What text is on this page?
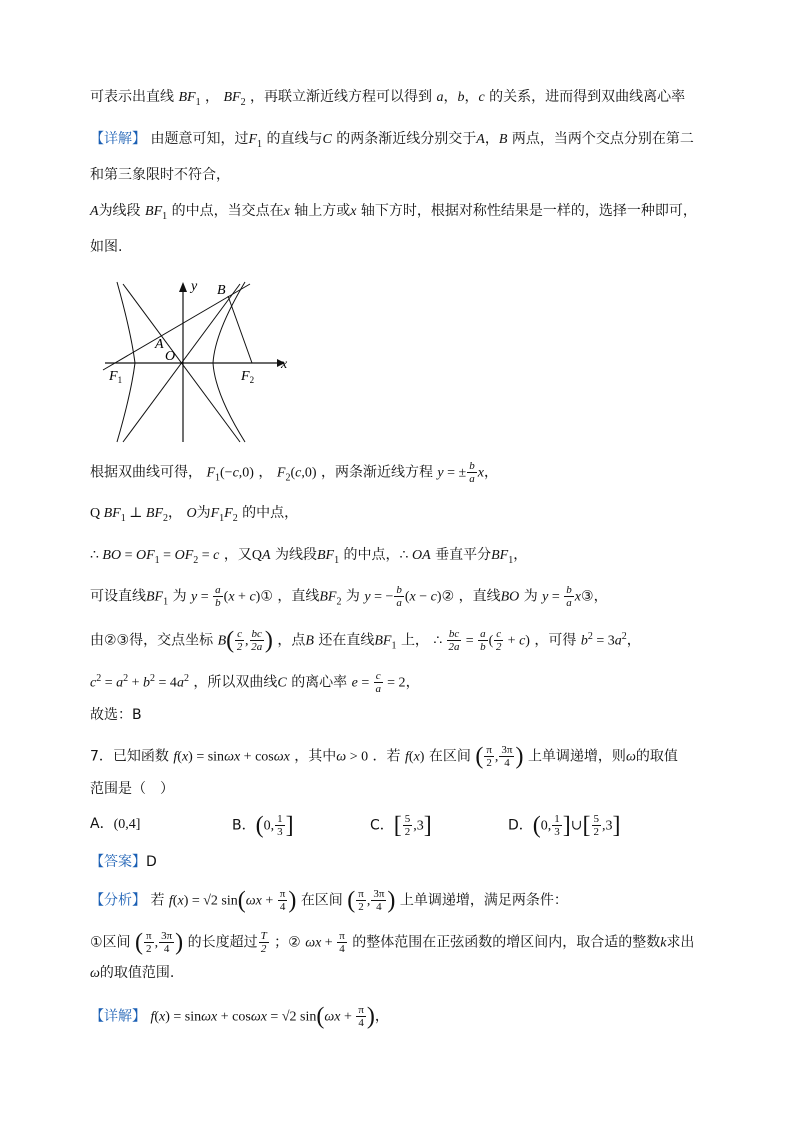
可表示出直线 $BF_1$ ， $BF_2$ ，再联立渐近线方程可以得到 a，b，c 的关系，进而得到双曲线离心率
【详解】 由题意可知，过$F_1$ 的直线与C 的两条渐近线分别交于A，B 两点，当两个交点分别在第二
和第三象限时不符合，
A为线段 $BF_1$ 的中点，当交点在x 轴上方或x 轴下方时，根据对称性结果是一样的，选择一种即可，
如图.
y
x
B
A
O
$F_1$	$F_2$
根据双曲线可得， $F_1(-c,0)$ ， $F_2(c,0)$ ，两条渐近线方程 y = ± $\frac{b}{a}$ x，
Q $BF_1$ ⊥ $BF_2$， O为$F_1F_2$ 的中点，
∴ BO = $OF_1 = OF_2 = c$ ，又QA 为线段$BF_1$ 的中点，∴ OA 垂直平分$BF_1$，
可设直线$BF_1$ 为 $y = \frac{a}{b} (x$ + c)① ，直线$BF_2$ 为 y = − $\frac{b}{a} (x$ − c)② ，直线BO 为 $y = \frac{b}{a}$ x③，
由②③得，交点坐标 $B( \frac{c}{2}$ , $\frac{bc}{2a}$ ) ，点B 还在直线$BF_1$ 上， ∴ $\frac{bc}{2a} = \frac{a}{b}$ ( $\frac{c}{2} + c$) ，可得 $b^2 = 3a^2$，
$c^2 = a^2 + b^2 = 4a^2$ ，所以双曲线C 的离心率 $e = \frac{c}{a} = 2$，
故选：B
7．已知函数 f(x) = sinωx + cosωx ，其中ω > 0 ．若 f(x) 在区间 ( $\frac{\pi}{2}$ , $\frac{3\pi}{4}$ ) 上单调递增，则ω的取值
范围是（　）
A．(0,4]	B．(0, $\frac{1}{3}$ ]	C．[ $\frac{5}{2} ,3$]	D．(0, $\frac{1}{3}$ ]∪[ $\frac{5}{2} ,3$]
【答案】D
【分析】 若 f(x) = √2 $\sin(\omega x + \frac{\pi}{4}$ ) 在区间 ( $\frac{\pi}{2}$ , $\frac{3\pi}{4}$ ) 上单调递增，满足两条件：
①区间 ( $\frac{\pi}{2}$ , $\frac{3\pi}{4}$ ) 的长度超过 $\frac{T}{2}$ ；② $\omega x + \frac{\pi}{4}$ 的整体范围在正弦函数的增区间内，取合适的整数k求出
ω的取值范围.
【详解】 f(x) = sinωx + cosωx = √2 $\sin(\omega x + \frac{\pi}{4}$ )，
